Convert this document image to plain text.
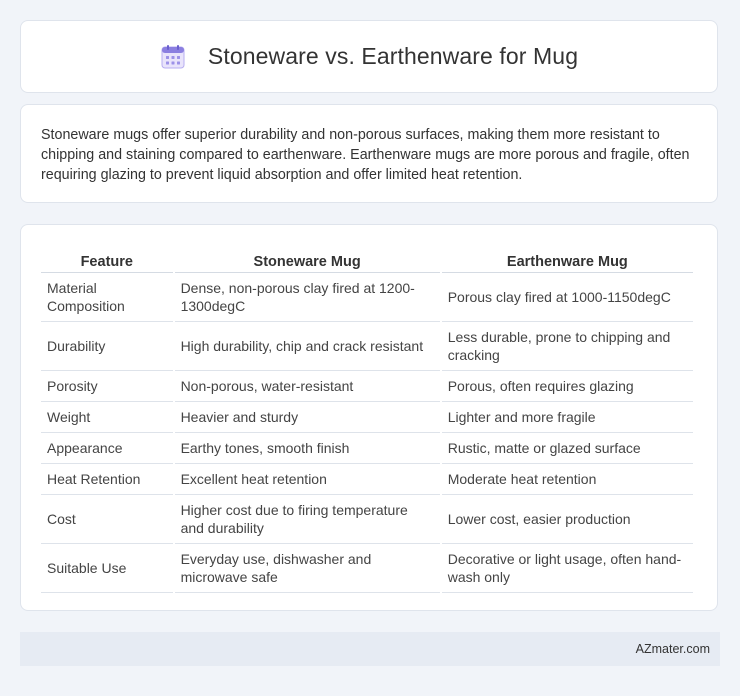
Stoneware vs. Earthenware for Mug

Stoneware mugs offer superior durability and non-porous surfaces, making them more resistant to chipping and staining compared to earthenware. Earthenware mugs are more porous and fragile, often requiring glazing to prevent liquid absorption and offer limited heat retention.

Feature	Stoneware Mug	Earthenware Mug
Material Composition	Dense, non-porous clay fired at 1200-1300degC	Porous clay fired at 1000-1150degC
Durability	High durability, chip and crack resistant	Less durable, prone to chipping and cracking
Porosity	Non-porous, water-resistant	Porous, often requires glazing
Weight	Heavier and sturdy	Lighter and more fragile
Appearance	Earthy tones, smooth finish	Rustic, matte or glazed surface
Heat Retention	Excellent heat retention	Moderate heat retention
Cost	Higher cost due to firing temperature and durability	Lower cost, easier production
Suitable Use	Everyday use, dishwasher and microwave safe	Decorative or light usage, often hand-wash only
AZmater.com
